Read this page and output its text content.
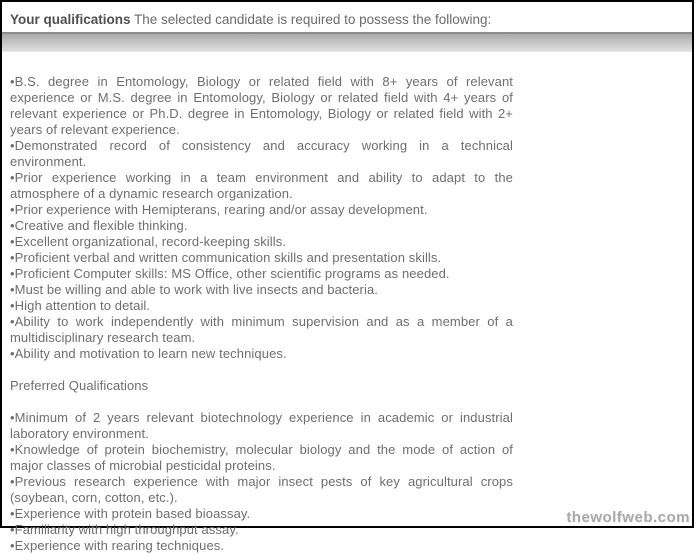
Your qualifications The selected candidate is required to possess the following:

•B.S. degree in Entomology, Biology or related field with 8+ years of relevant experience or M.S. degree in Entomology, Biology or related field with 4+ years of relevant experience or Ph.D. degree in Entomology, Biology or related field with 2+ years of relevant experience.

•Demonstrated record of consistency and accuracy working in a technical environment.

•Prior experience working in a team environment and ability to adapt to the atmosphere of a dynamic research organization.

•Prior experience with Hemipterans, rearing and/or assay development.

•Creative and flexible thinking.

•Excellent organizational, record-keeping skills.

•Proficient verbal and written communication skills and presentation skills.

•Proficient Computer skills: MS Office, other scientific programs as needed.

•Must be willing and able to work with live insects and bacteria.

•High attention to detail.

•Ability to work independently with minimum supervision and as a member of a multidisciplinary research team.

•Ability and motivation to learn new techniques.

Preferred Qualifications

•Minimum of 2 years relevant biotechnology experience in academic or industrial laboratory environment.

•Knowledge of protein biochemistry, molecular biology and the mode of action of major classes of microbial pesticidal proteins.

•Previous research experience with major insect pests of key agricultural crops (soybean, corn, cotton, etc.).

•Experience with protein based bioassay.

•Familiarity with high throughput assay.

•Experience with rearing techniques.

thewolfweb.com
